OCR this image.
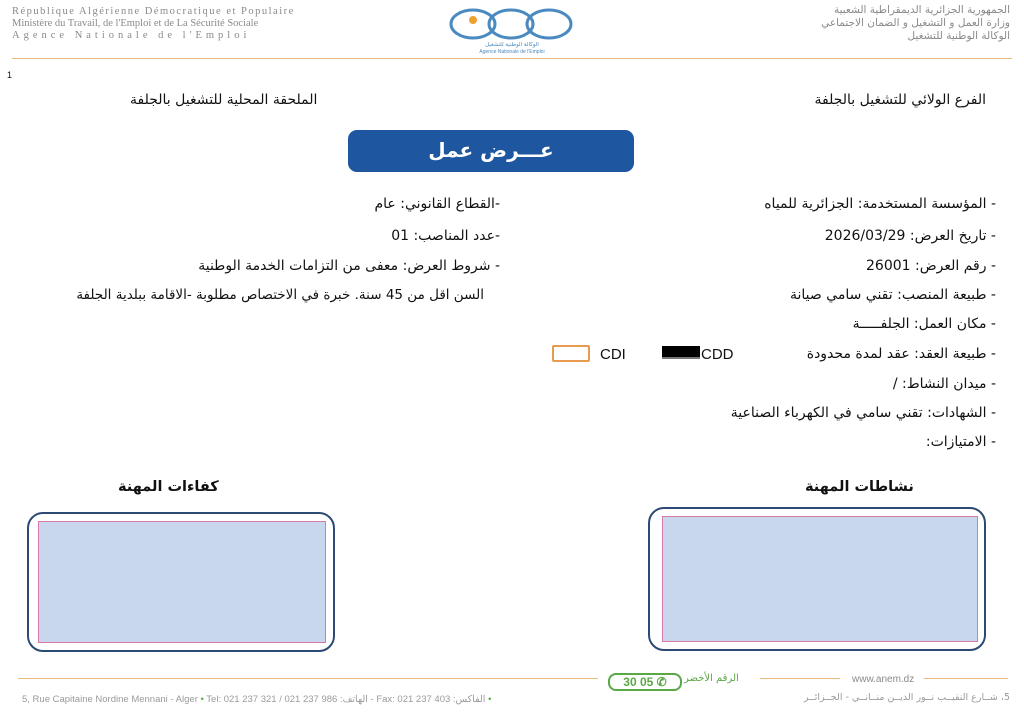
République Algérienne Démocratique et Populaire
Ministère du Travail, de l'Emploi et de La Sécurité Sociale
Agence Nationale de l'Emploi
الوكالة الوطنية للتشغيل
Agence Nationale de l'Emploi
الجمهورية الجزائرية الديمقراطية الشعبية
وزارة العمل و التشغيل و الضمان الاجتماعي
الوكالة الوطنية للتشغيل
1
الفرع الولائي للتشغيل بالجلفة
الملحقة المحلية للتشغيل بالجلفة
عـــرض عمل
- المؤسسة المستخدمة: الجزائرية للمياه
- تاريخ العرض: 2026/03/29
- رقم العرض: 26001
- طبيعة المنصب: تقني سامي صيانة
- مكان العمل: الجلفـــــة
- طبيعة العقد: عقد لمدة محدودة
- ميدان النشاط: /
- الشهادات: تقني سامي في الكهرباء الصناعية
- الامتيازات:
-القطاع القانوني: عام
-عدد المناصب: 01
- شروط العرض: معفى من التزامات الخدمة الوطنية
السن اقل من 45 سنة. خبرة في الاختصاص مطلوبة -الاقامة ببلدية الجلفة
CDI	CDD
نشاطات المهنة
كفاءات المهنة
30 05 ✆	الرقم الأخضر	www.anem.dz
5, Rue Capitaine Nordine Mennani - Alger • Tel: 021 237 321 / 021 237 986 :الهاتف - Fax: 021 237 403 :الفاكس •	5، شــارع النقيــب نــور الديــن منــانــي - الجــزائــر
